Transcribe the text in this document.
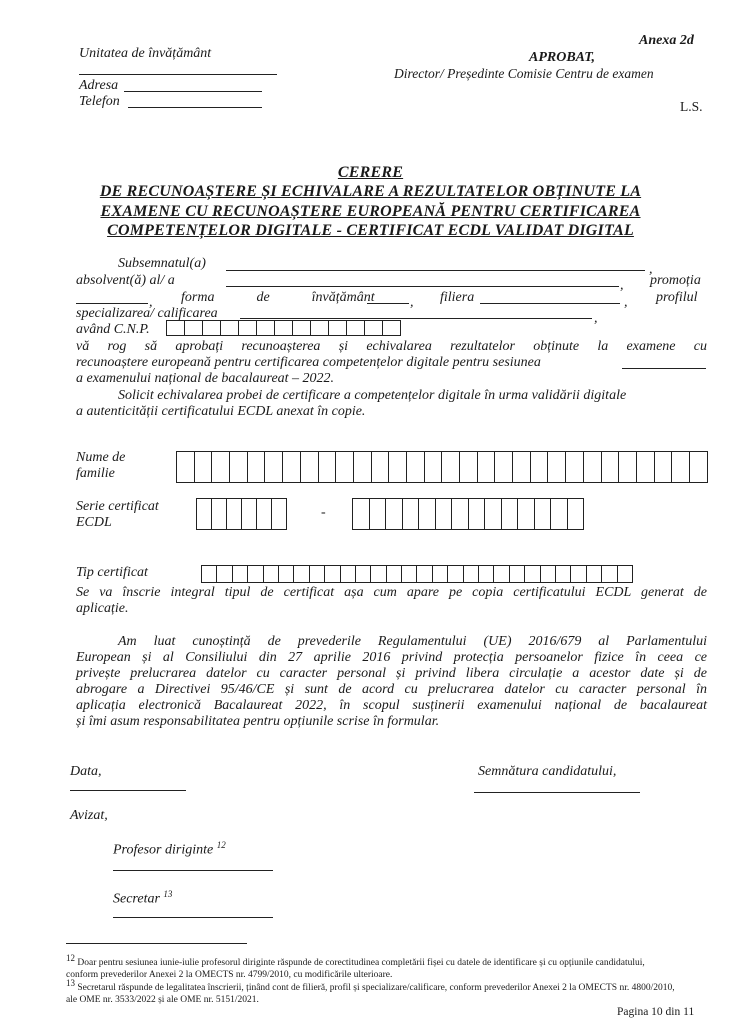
Anexa 2d
Unitatea de învățământ
Adresa
Telefon
APROBAT,
Director/ Președinte Comisie Centru de examen
L.S.
CERERE
DE RECUNOAȘTERE ȘI ECHIVALARE A REZULTATELOR OBȚINUTE LA
EXAMENE CU RECUNOAȘTERE EUROPEANĂ PENTRU CERTIFICAREA
COMPETENȚELOR DIGITALE - CERTIFICAT ECDL VALIDAT DIGITAL
Subsemnatul(a)	,
absolvent(ă) al/ a	, promoția
, forma	de	învățământ	, filiera	, profilul
specializarea/ calificarea	,
având C.N.P.
vă rog să aprobați recunoașterea și echivalarea rezultatelor obținute la examene cu
recunoaștere europeană pentru certificarea competențelor digitale pentru sesiunea
a examenului național de bacalaureat – 2022.
Solicit echivalarea probei de certificare a competențelor digitale în urma validării digitale
a autenticității certificatului ECDL anexat în copie.
Nume de
familie
Serie certificat
ECDL
-
Tip certificat
Se va înscrie integral tipul de certificat așa cum apare pe copia certificatului ECDL generat de
aplicație.
Am luat cunoștință de prevederile Regulamentului (UE) 2016/679 al Parlamentului
European și al Consiliului din 27 aprilie 2016 privind protecția persoanelor fizice în ceea ce
privește prelucrarea datelor cu caracter personal și privind libera circulație a acestor date și de
abrogare a Directivei 95/46/CE și sunt de acord cu prelucrarea datelor cu caracter personal în
aplicația electronică Bacalaureat 2022, în scopul susținerii examenului național de bacalaureat
și îmi asum responsabilitatea pentru opțiunile scrise în formular.
Data,	Semnătura candidatului,
Avizat,
Profesor diriginte $^{12}$
Secretar $^{13}$
$^{12}$ Doar pentru sesiunea iunie-iulie profesorul diriginte răspunde de corectitudinea completării fișei cu datele de identificare și cu opțiunile candidatului,
conform prevederilor Anexei 2 la OMECTS nr. 4799/2010, cu modificările ulterioare.
$^{13}$ Secretarul răspunde de legalitatea înscrierii, ținând cont de filieră, profil și specializare/calificare, conform prevederilor Anexei 2 la OMECTS nr. 4800/2010,
ale OME nr. 3533/2022 și ale OME nr. 5151/2021.
Pagina 10 din 11
